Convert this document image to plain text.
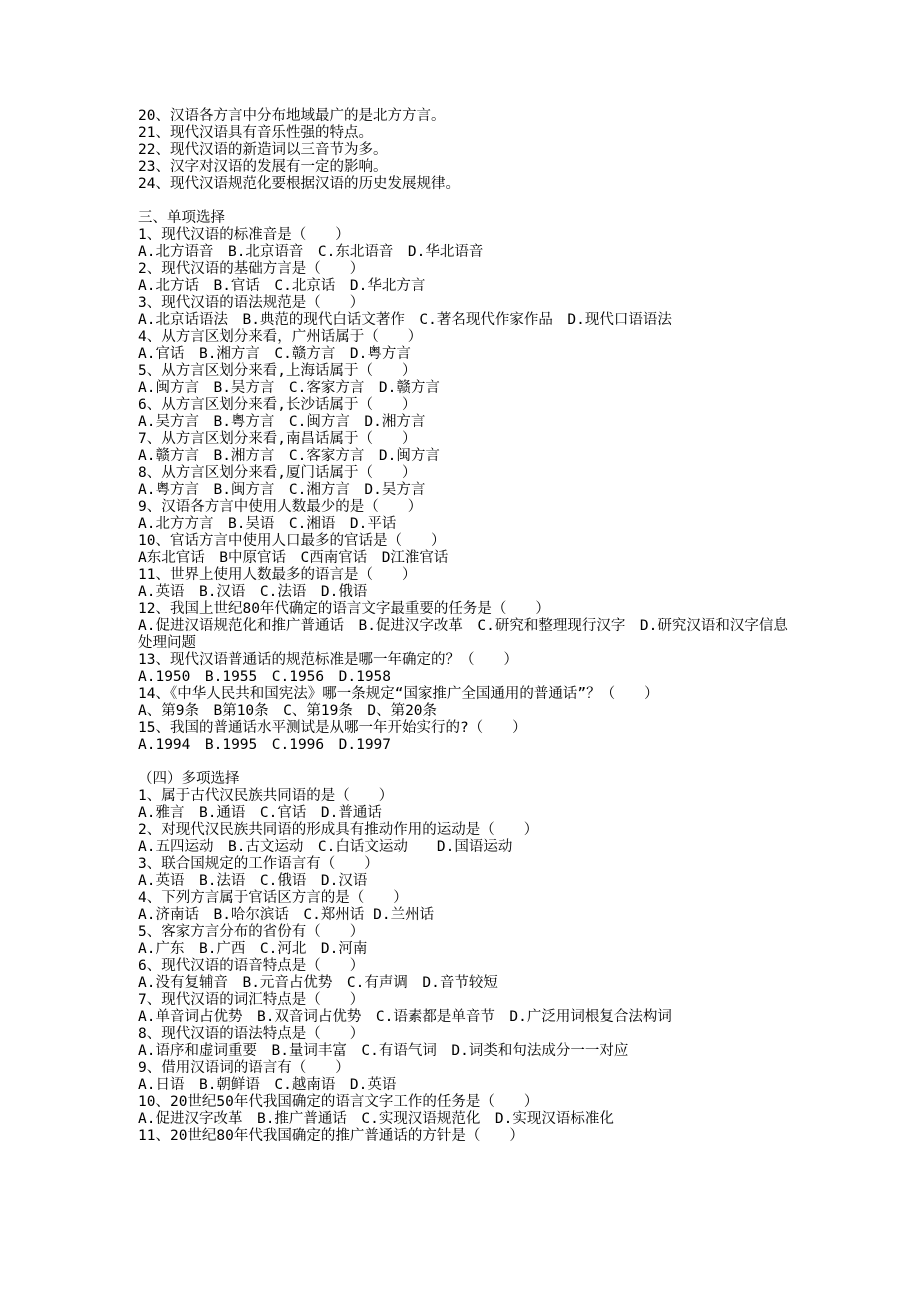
20、汉语各方言中分布地域最广的是北方方言。
21、现代汉语具有音乐性强的特点。
22、现代汉语的新造词以三音节为多。
23、汉字对汉语的发展有一定的影响。
24、现代汉语规范化要根据汉语的历史发展规律。
三、单项选择
1、现代汉语的标准音是（　　）
A.北方语音　B.北京语音　C.东北语音　D.华北语音
2、现代汉语的基础方言是（　　）
A.北方话　B.官话　C.北京话　D.华北方言
3、现代汉语的语法规范是（　　）
A.北京话语法　B.典范的现代白话文著作　C.著名现代作家作品　D.现代口语语法
4、从方言区划分来看，广州话属于（　　）
A.官话　B.湘方言　C.赣方言　D.粤方言
5、从方言区划分来看,上海话属于（　　）
A.闽方言　B.吴方言　C.客家方言　D.赣方言
6、从方言区划分来看,长沙话属于（　　）
A.吴方言　B.粤方言　C.闽方言　D.湘方言
7、从方言区划分来看,南昌话属于（　　）
A.赣方言　B.湘方言　C.客家方言　D.闽方言
8、从方言区划分来看,厦门话属于（　　）
A.粤方言　B.闽方言　C.湘方言　D.吴方言
9、汉语各方言中使用人数最少的是（　　）
A.北方方言　B.吴语　C.湘语　D.平话
10、官话方言中使用人口最多的官话是（　　）
A东北官话　B中原官话　C西南官话　D江淮官话
11、世界上使用人数最多的语言是（　　）
A.英语　B.汉语　C.法语　D.俄语
12、我国上世纪80年代确定的语言文字最重要的任务是（　　）
A.促进汉语规范化和推广普通话　B.促进汉字改革　C.研究和整理现行汉字　D.研究汉语和汉字信息处理问题
13、现代汉语普通话的规范标准是哪一年确定的？（　　）
A.1950　B.1955　C.1956　D.1958
14、《中华人民共和国宪法》哪一条规定“国家推广全国通用的普通话”？（　　）
A、第9条　B第10条　C、第19条　D、第20条
15、我国的普通话水平测试是从哪一年开始实行的?（　　）
A.1994　B.1995　C.1996　D.1997
（四）多项选择
1、属于古代汉民族共同语的是（　　）
A.雅言　B.通语　C.官话　D.普通话
2、对现代汉民族共同语的形成具有推动作用的运动是（　　）
A.五四运动　B.古文运动　C.白话文运动　　D.国语运动
3、联合国规定的工作语言有（　　）
A.英语　B.法语　C.俄语　D.汉语
4、下列方言属于官话区方言的是（　　）
A.济南话　B.哈尔滨话　C.郑州话 D.兰州话
5、客家方言分布的省份有（　　）
A.广东　B.广西　C.河北　D.河南
6、现代汉语的语音特点是（　　）
A.没有复辅音　B.元音占优势　C.有声调　D.音节较短
7、现代汉语的词汇特点是（　　）
A.单音词占优势　B.双音词占优势　C.语素都是单音节　D.广泛用词根复合法构词
8、现代汉语的语法特点是（　　）
A.语序和虚词重要　B.量词丰富　C.有语气词　D.词类和句法成分一一对应
9、借用汉语词的语言有（　　）
A.日语　B.朝鲜语　C.越南语　D.英语
10、20世纪50年代我国确定的语言文字工作的任务是（　　）
A.促进汉字改革　B.推广普通话　C.实现汉语规范化　D.实现汉语标准化
11、20世纪80年代我国确定的推广普通话的方针是（　　）
